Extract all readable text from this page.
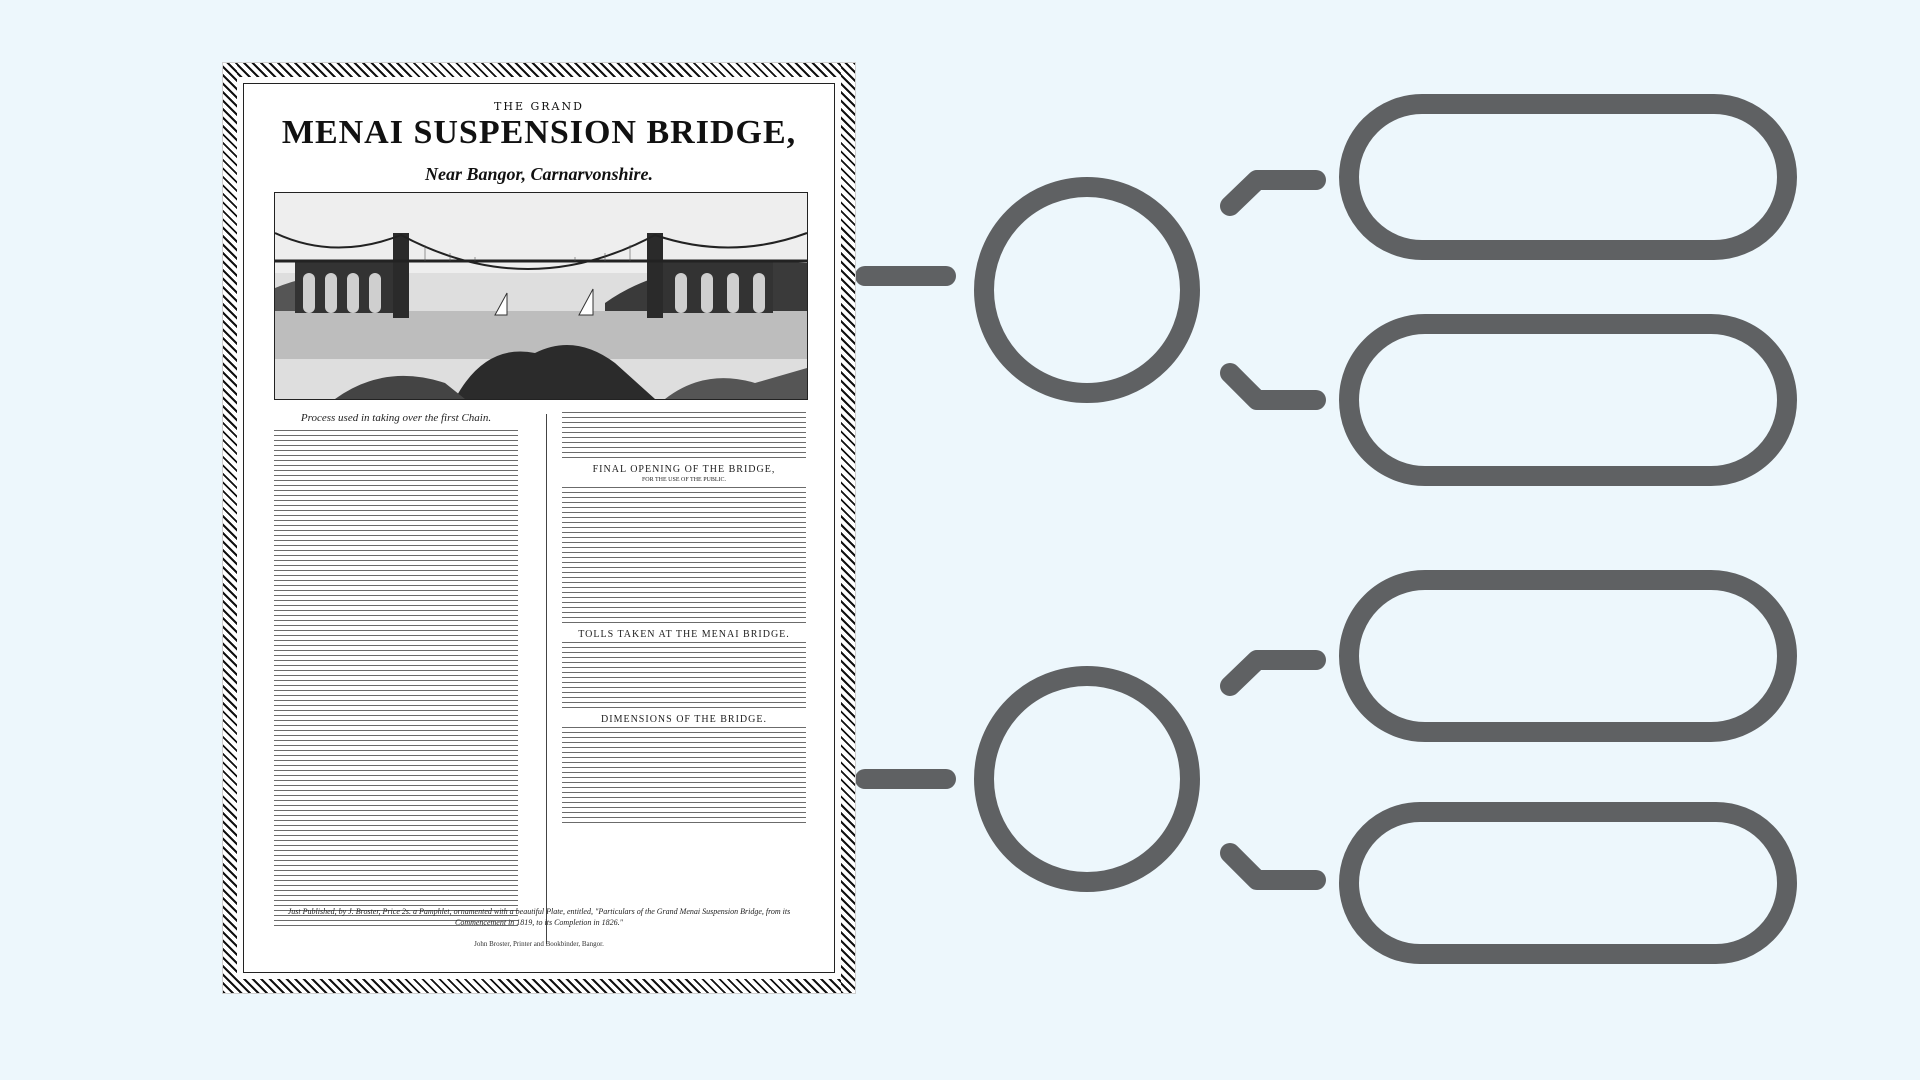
THE GRAND
MENAI SUSPENSION BRIDGE,
Near Bangor, Carnarvonshire.
Process used in taking over the first Chain.
FINAL OPENING OF THE BRIDGE,
FOR THE USE OF THE PUBLIC.
TOLLS TAKEN AT THE MENAI BRIDGE.
DIMENSIONS OF THE BRIDGE.
Just Published, by J. Broster, Price 2s. a Pamphlet, ornamented with a beautiful Plate, entitled, "Particulars of the Grand Menai Suspension Bridge, from its Commencement in 1819, to its Completion in 1826."
John Broster, Printer and Bookbinder, Bangor.
